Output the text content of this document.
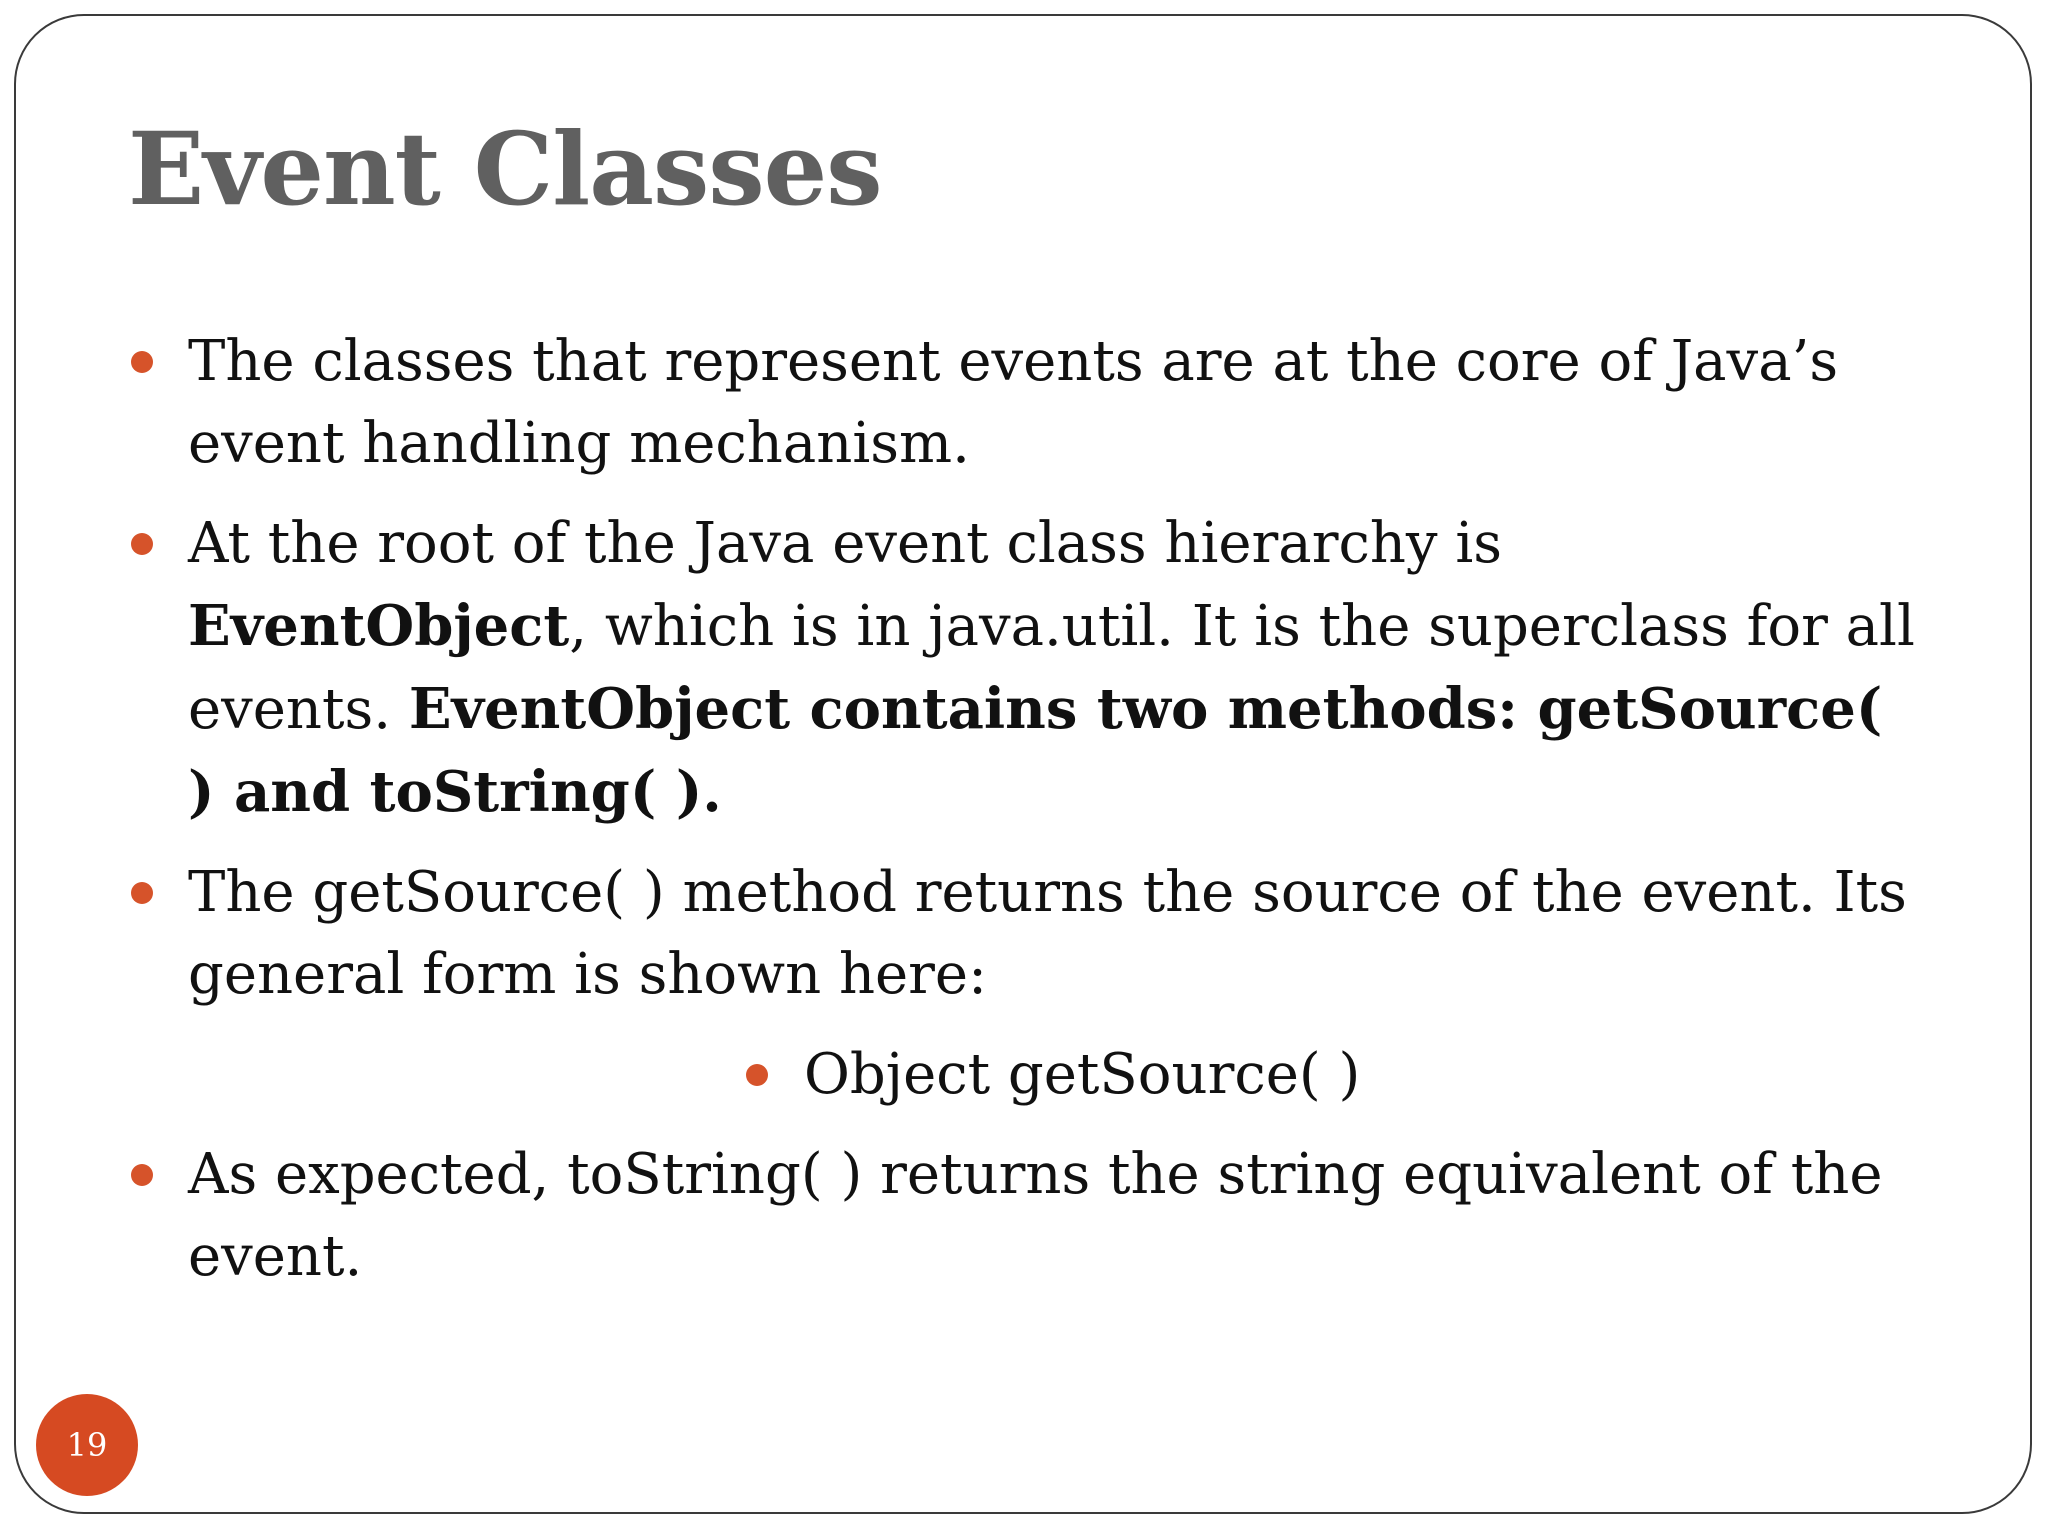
Event Classes
The classes that represent events are at the core of Java’s event handling mechanism.
At the root of the Java event class hierarchy is EventObject, which is in java.util. It is the superclass for all events. EventObject contains two methods: getSource( ) and toString( ).
The getSource( ) method returns the source of the event. Its general form is shown here:
Object getSource( )
As expected, toString( ) returns the string equivalent of the event.
19
